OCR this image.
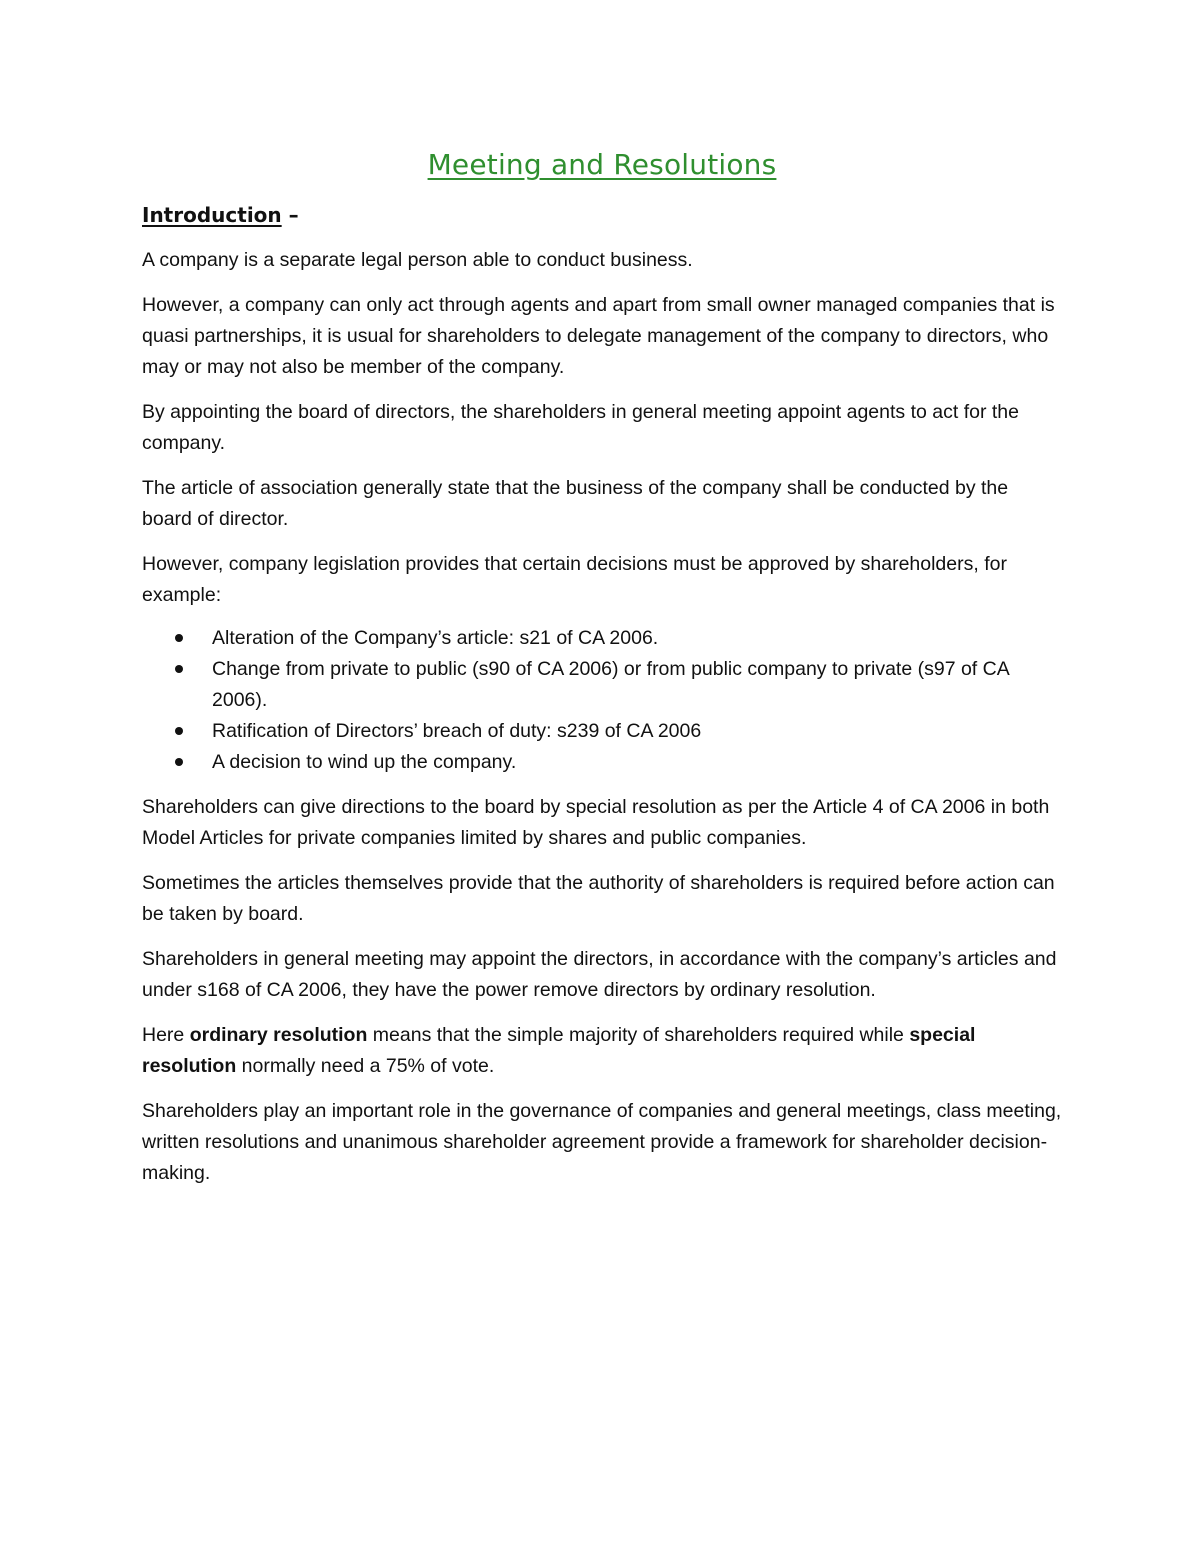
Meeting and Resolutions
Introduction –

A company is a separate legal person able to conduct business.

However, a company can only act through agents and apart from small owner managed companies that is quasi partnerships, it is usual for shareholders to delegate management of the company to directors, who may or may not also be member of the company.

By appointing the board of directors, the shareholders in general meeting appoint agents to act for the company.

The article of association generally state that the business of the company shall be conducted by the board of director.

However, company legislation provides that certain decisions must be approved by shareholders, for example:

Alteration of the Company’s article: s21 of CA 2006.
Change from private to public (s90 of CA 2006) or from public company to private (s97 of CA 2006).
Ratification of Directors’ breach of duty: s239 of CA 2006
A decision to wind up the company.

Shareholders can give directions to the board by special resolution as per the Article 4 of CA 2006 in both Model Articles for private companies limited by shares and public companies.

Sometimes the articles themselves provide that the authority of shareholders is required before action can be taken by board.

Shareholders in general meeting may appoint the directors, in accordance with the company’s articles and under s168 of CA 2006, they have the power remove directors by ordinary resolution.

Here ordinary resolution means that the simple majority of shareholders required while special resolution normally need a 75% of vote.

Shareholders play an important role in the governance of companies and general meetings, class meeting, written resolutions and unanimous shareholder agreement provide a framework for shareholder decision- making.
